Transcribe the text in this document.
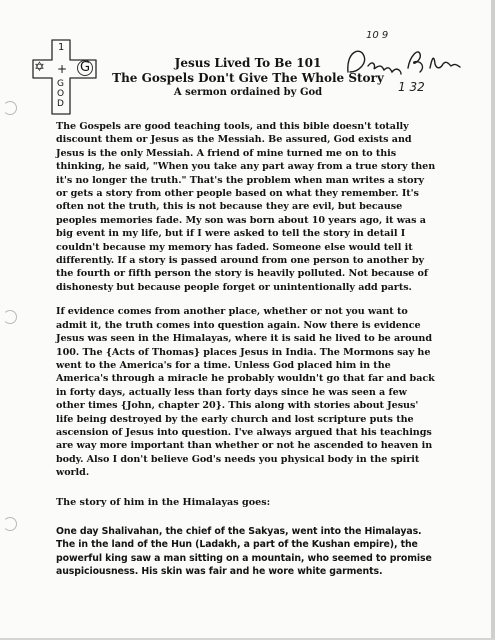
✡	G
1
+
G
O
D
10 9
1 32
Jesus Lived To Be 101
The Gospels Don't Give The Whole Story
A sermon ordained by God

The Gospels are good teaching tools, and this bible doesn't totally discount them or Jesus as the Messiah. Be assured, God exists and Jesus is the only Messiah. A friend of mine turned me on to this thinking, he said, "When you take any part away from a true story then it's no longer the truth." That's the problem when man writes a story or gets a story from other people based on what they remember. It's often not the truth, this is not because they are evil, but because peoples memories fade. My son was born about 10 years ago, it was a big event in my life, but if I were asked to tell the story in detail I couldn't because my memory has faded. Someone else would tell it differently. If a story is passed around from one person to another by the fourth or fifth person the story is heavily polluted. Not because of dishonesty but because people forget or unintentionally add parts.

If evidence comes from another place, whether or not you want to admit it, the truth comes into question again. Now there is evidence Jesus was seen in the Himalayas, where it is said he lived to be around 100. The {Acts of Thomas} places Jesus in India. The Mormons say he went to the America's for a time. Unless God placed him in the America's through a miracle he probably wouldn't go that far and back in forty days, actually less than forty days since he was seen a few other times {John, chapter 20}. This along with stories about Jesus' life being destroyed by the early church and lost scripture puts the ascension of Jesus into question. I've always argued that his teachings are way more important than whether or not he ascended to heaven in body. Also I don't believe God's needs you physical body in the spirit world.

The story of him in the Himalayas goes:

One day Shalivahan, the chief of the Sakyas, went into the Himalayas. The in the land of the Hun (Ladakh, a part of the Kushan empire), the powerful king saw a man sitting on a mountain, who seemed to promise auspiciousness. His skin was fair and he wore white garments.
